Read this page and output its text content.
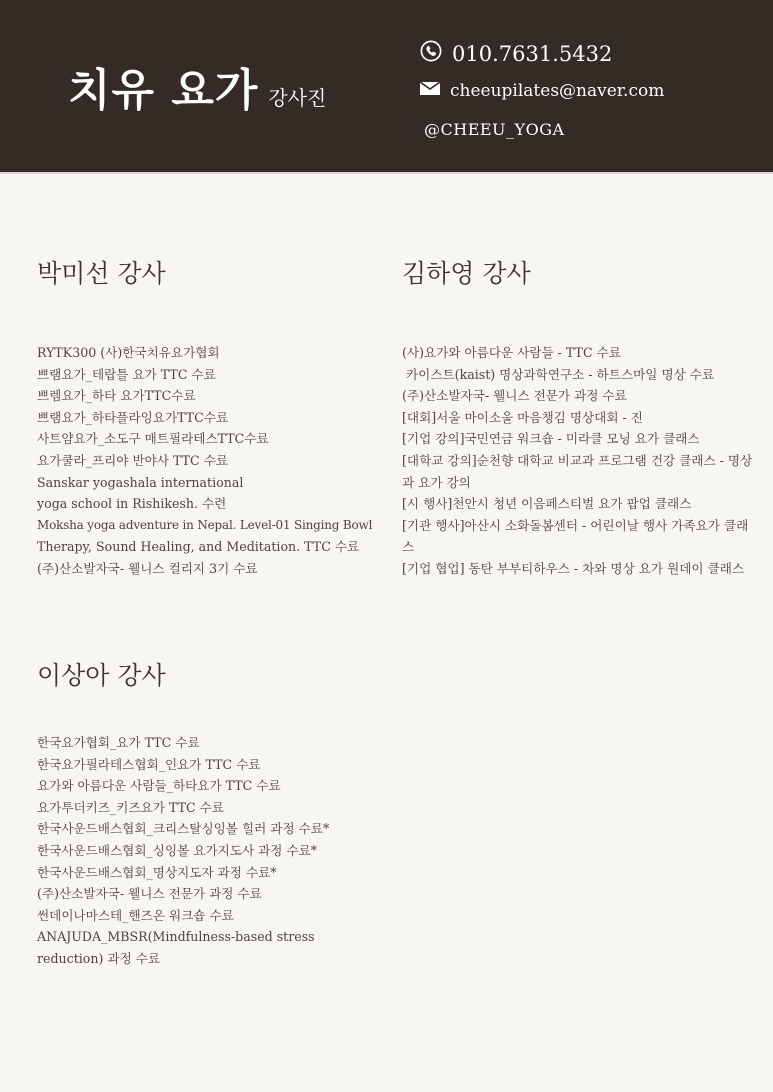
치유 요가 강사진
010.7631.5432
cheeupilates@naver.com
@CHEEU_YOGA
박미선 강사
RYTK300 (사)한국치유요가협회
쁘램요가_테랍틀 요가 TTC 수료
쁘렘요가_하타 요가TTC수료
쁘램요가_하타플라잉요가TTC수료
사트얌요가_소도구 매트필라테스TTC수료
요가쿨라_프리야 반야사 TTC 수료
Sanskar yogashala international
yoga school in Rishikesh. 수련
Moksha yoga adventure in Nepal. Level-01 Singing Bowl
Therapy, Sound Healing, and Meditation. TTC 수료
(주)산소발자국- 웰니스 컬리지 3기 수료
김하영 강사
(사)요가와 아름다운 사람들 - TTC 수료
카이스트(kaist) 명상과학연구소 - 하트스마일 명상 수료
(주)산소발자국- 웰니스 전문가 과정 수료
[대회]서울 마이소울 마음챙김 명상대회 - 진
[기업 강의]국민연금 워크숍 - 미라클 모닝 요가 클래스
[대학교 강의]순천향 대학교 비교과 프로그램 건강 클래스 - 명상과 요가 강의
[시 행사]천안시 청년 이음페스티벌 요가 팝업 클래스
[기관 행사]아산시 소화돌봄센터 - 어린이날 행사 가족요가 클래스
[기업 협업] 동탄 부부티하우스 - 차와 명상 요가 원데이 클래스
이상아 강사
한국요가협회_요가 TTC 수료
한국요가필라테스협회_인요가 TTC 수료
요가와 아름다운 사람들_하타요가 TTC 수료
요가투더키즈_키즈요가 TTC 수료
한국사운드배스협회_크리스탈싱잉볼 힐러 과정 수료*
한국사운드배스협회_싱잉볼 요가지도사 과정 수료*
한국사운드배스협회_명상지도자 과정 수료*
(주)산소발자국- 웰니스 전문가 과정 수료
썬데이나마스테_핸즈온 워크숍 수료
ANAJUDA_MBSR(Mindfulness-based stress reduction) 과정 수료
